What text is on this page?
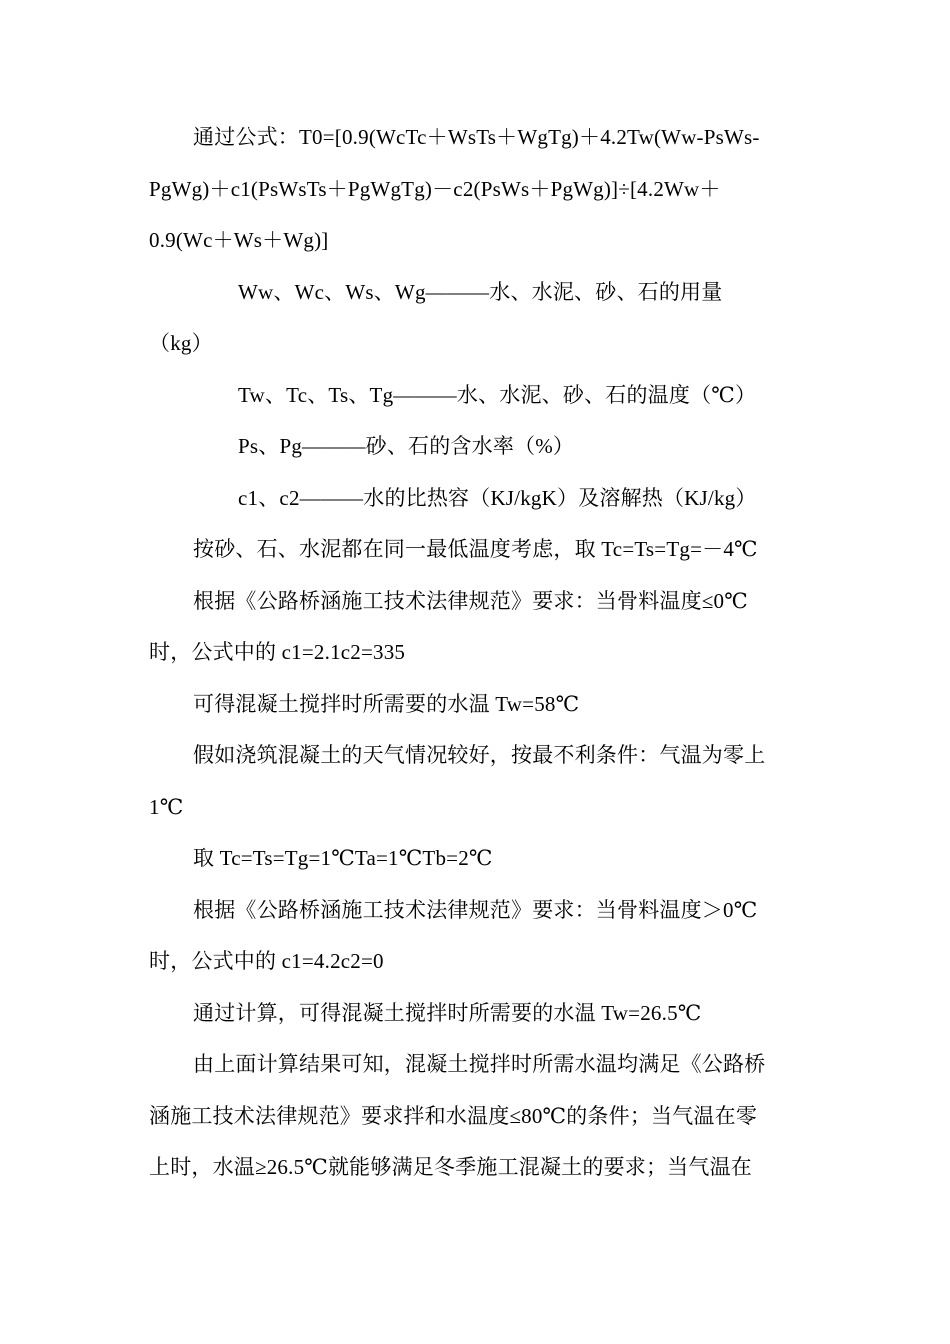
通过公式：T0=[0.9(WcTc＋WsTs＋WgTg)＋4.2Tw(Ww-PsWs-
PgWg)＋c1(PsWsTs＋PgWgTg)－c2(PsWs＋PgWg)]÷[4.2Ww＋
0.9(Wc＋Ws＋Wg)]
Ww、Wc、Ws、Wg———水、水泥、砂、石的用量
（kg）
Tw、Tc、Ts、Tg———水、水泥、砂、石的温度（℃）
Ps、Pg———砂、石的含水率（%）
c1、c2———水的比热容（KJ/kgK）及溶解热（KJ/kg）
按砂、石、水泥都在同一最低温度考虑，取 Tc=Ts=Tg=－4℃
根据《公路桥涵施工技术法律规范》要求：当骨料温度≤0℃
时，公式中的 c1=2.1c2=335
可得混凝土搅拌时所需要的水温 Tw=58℃
假如浇筑混凝土的天气情况较好，按最不利条件：气温为零上
1℃
取 Tc=Ts=Tg=1℃Ta=1℃Tb=2℃
根据《公路桥涵施工技术法律规范》要求：当骨料温度＞0℃
时，公式中的 c1=4.2c2=0
通过计算，可得混凝土搅拌时所需要的水温 Tw=26.5℃
由上面计算结果可知，混凝土搅拌时所需水温均满足《公路桥
涵施工技术法律规范》要求拌和水温度≤80℃的条件；当气温在零
上时，水温≥26.5℃就能够满足冬季施工混凝土的要求；当气温在
